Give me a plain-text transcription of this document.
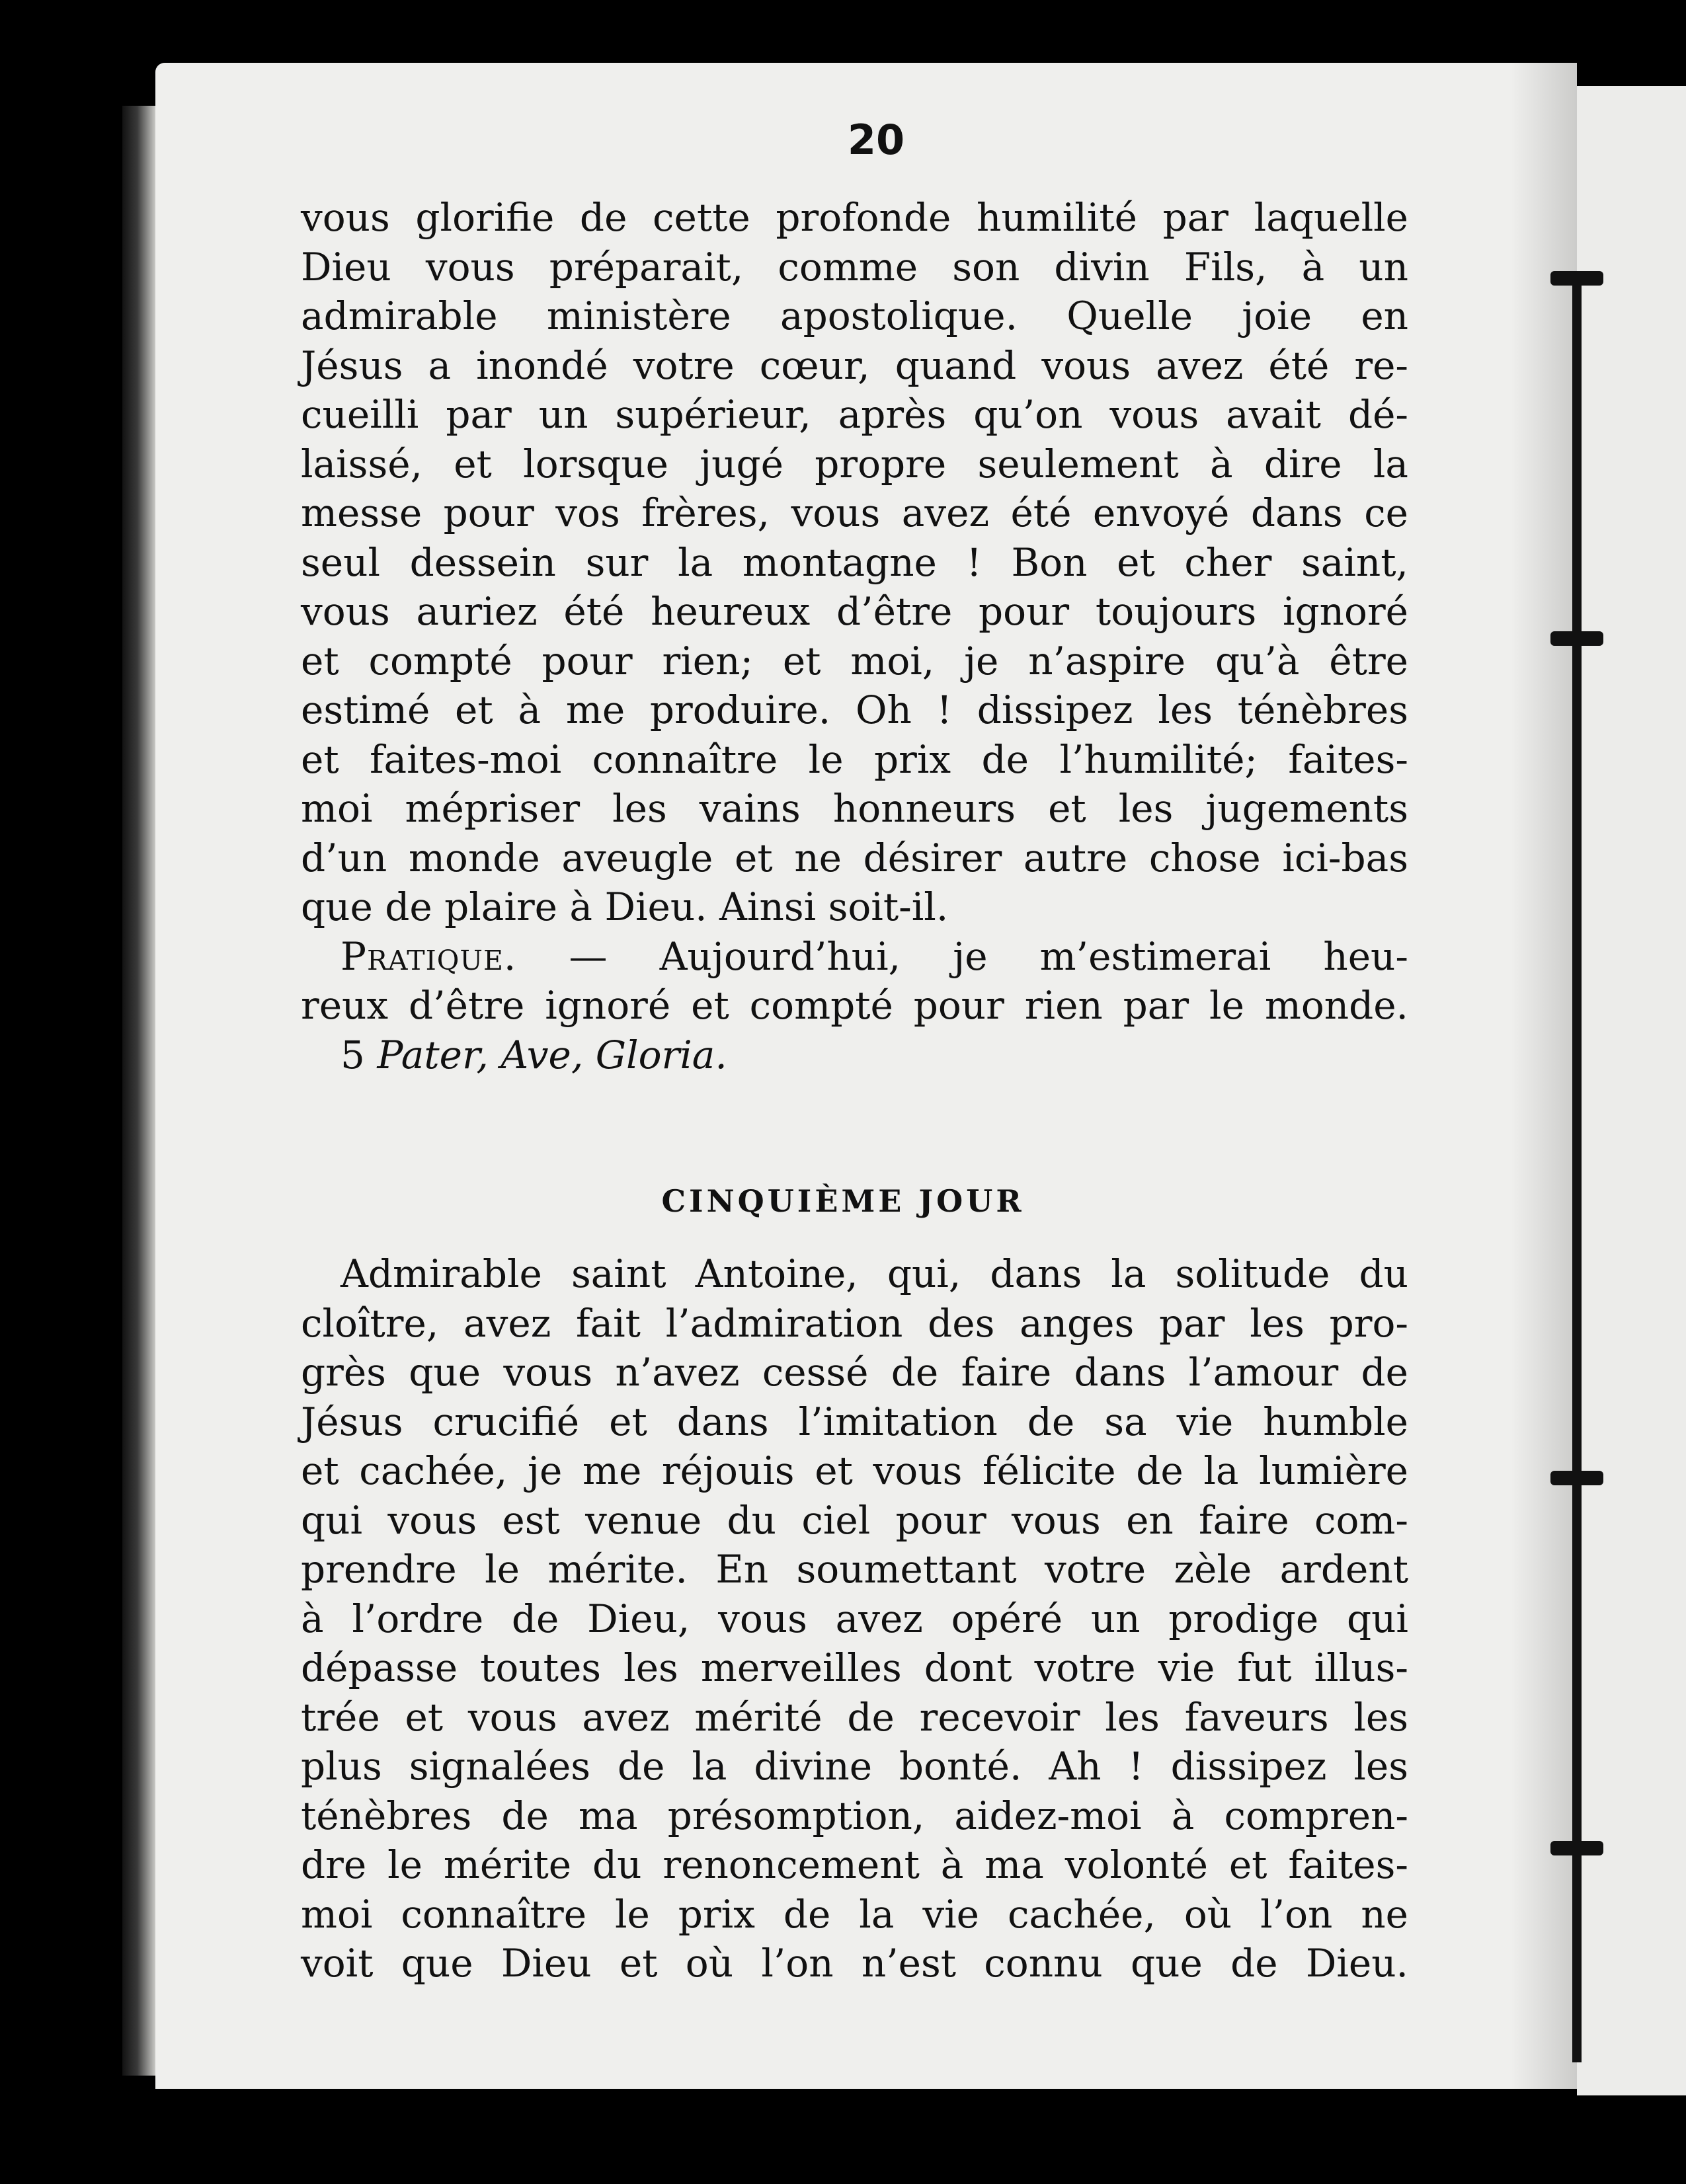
20
vous glorifie de cette profonde humilité par laquelle
Dieu vous préparait, comme son divin Fils, à un
admirable ministère apostolique. Quelle joie en
Jésus a inondé votre cœur, quand vous avez été re-
cueilli par un supérieur, après qu’on vous avait dé-
laissé, et lorsque jugé propre seulement à dire la
messe pour vos frères, vous avez été envoyé dans ce
seul dessein sur la montagne ! Bon et cher saint,
vous auriez été heureux d’être pour toujours ignoré
et compté pour rien; et moi, je n’aspire qu’à être
estimé et à me produire. Oh ! dissipez les ténèbres
et faites-moi connaître le prix de l’humilité; faites-
moi mépriser les vains honneurs et les jugements
d’un monde aveugle et ne désirer autre chose ici-bas
que de plaire à Dieu. Ainsi soit-il.
Pratique. — Aujourd’hui, je m’estimerai heu-
reux d’être ignoré et compté pour rien par le monde.
5 Pater, Ave, Gloria.
CINQUIÈME JOUR
Admirable saint Antoine, qui, dans la solitude du
cloître, avez fait l’admiration des anges par les pro-
grès que vous n’avez cessé de faire dans l’amour de
Jésus crucifié et dans l’imitation de sa vie humble
et cachée, je me réjouis et vous félicite de la lumière
qui vous est venue du ciel pour vous en faire com-
prendre le mérite. En soumettant votre zèle ardent
à l’ordre de Dieu, vous avez opéré un prodige qui
dépasse toutes les merveilles dont votre vie fut illus-
trée et vous avez mérité de recevoir les faveurs les
plus signalées de la divine bonté. Ah ! dissipez les
ténèbres de ma présomption, aidez-moi à compren-
dre le mérite du renoncement à ma volonté et faites-
moi connaître le prix de la vie cachée, où l’on ne
voit que Dieu et où l’on n’est connu que de Dieu.
